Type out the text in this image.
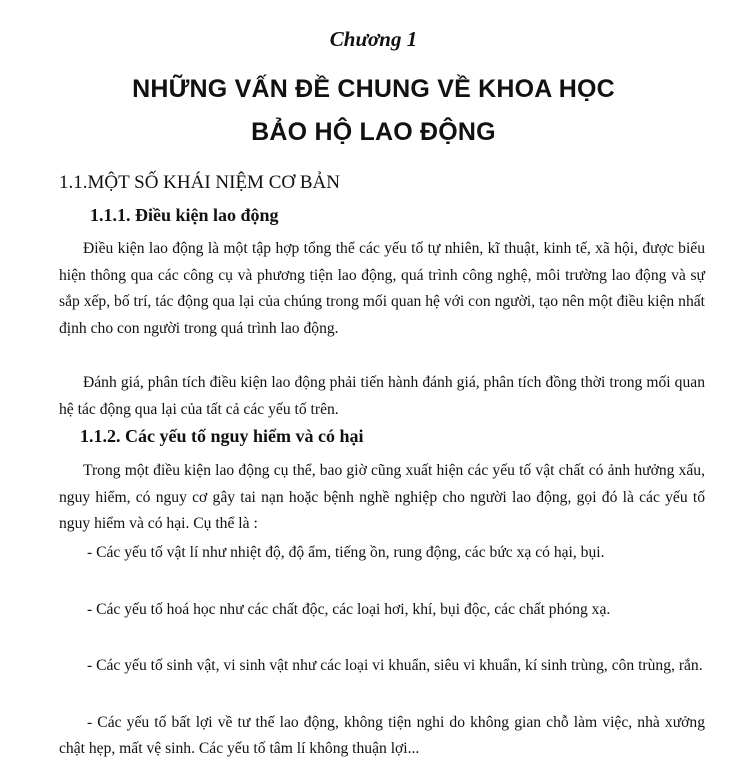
Chương 1
NHỮNG VẤN ĐỀ CHUNG VỀ KHOA HỌC
BẢO HỘ LAO ĐỘNG
1.1.MỘT SỐ KHÁI NIỆM CƠ BẢN
1.1.1. Điều kiện lao động
Điều kiện lao động là một tập hợp tổng thể các yếu tố tự nhiên, kĩ thuật, kinh tế, xã hội, được biểu hiện thông qua các công cụ và phương tiện lao động, quá trình công nghệ, môi trường lao động và sự sắp xếp, bố trí, tác động qua lại của chúng trong mối quan hệ với con người, tạo nên một điều kiện nhất định cho con người trong quá trình lao động.
Đánh giá, phân tích điều kiện lao động phải tiến hành đánh giá, phân tích đồng thời trong mối quan hệ tác động qua lại của tất cả các yếu tố trên.
1.1.2. Các yếu tố nguy hiểm và có hại
Trong một điều kiện lao động cụ thể, bao giờ cũng xuất hiện các yếu tố vật chất có ảnh hưởng xấu, nguy hiểm, có nguy cơ gây tai nạn hoặc bệnh nghề nghiệp cho người lao động, gọi đó là các yếu tố nguy hiểm và có hại. Cụ thể là :
- Các yếu tố vật lí như nhiệt độ, độ ẩm, tiếng ồn, rung động, các bức xạ có hại, bụi.
- Các yếu tố hoá học như các chất độc, các loại hơi, khí, bụi độc, các chất phóng xạ.
- Các yếu tố sinh vật, vi sinh vật như các loại vi khuẩn, siêu vi khuẩn, kí sinh trùng, côn trùng, rắn.
- Các yếu tố bất lợi về tư thế lao động, không tiện nghi do không gian chỗ làm việc, nhà xưởng chật hẹp, mất vệ sinh. Các yếu tố tâm lí không thuận lợi...
